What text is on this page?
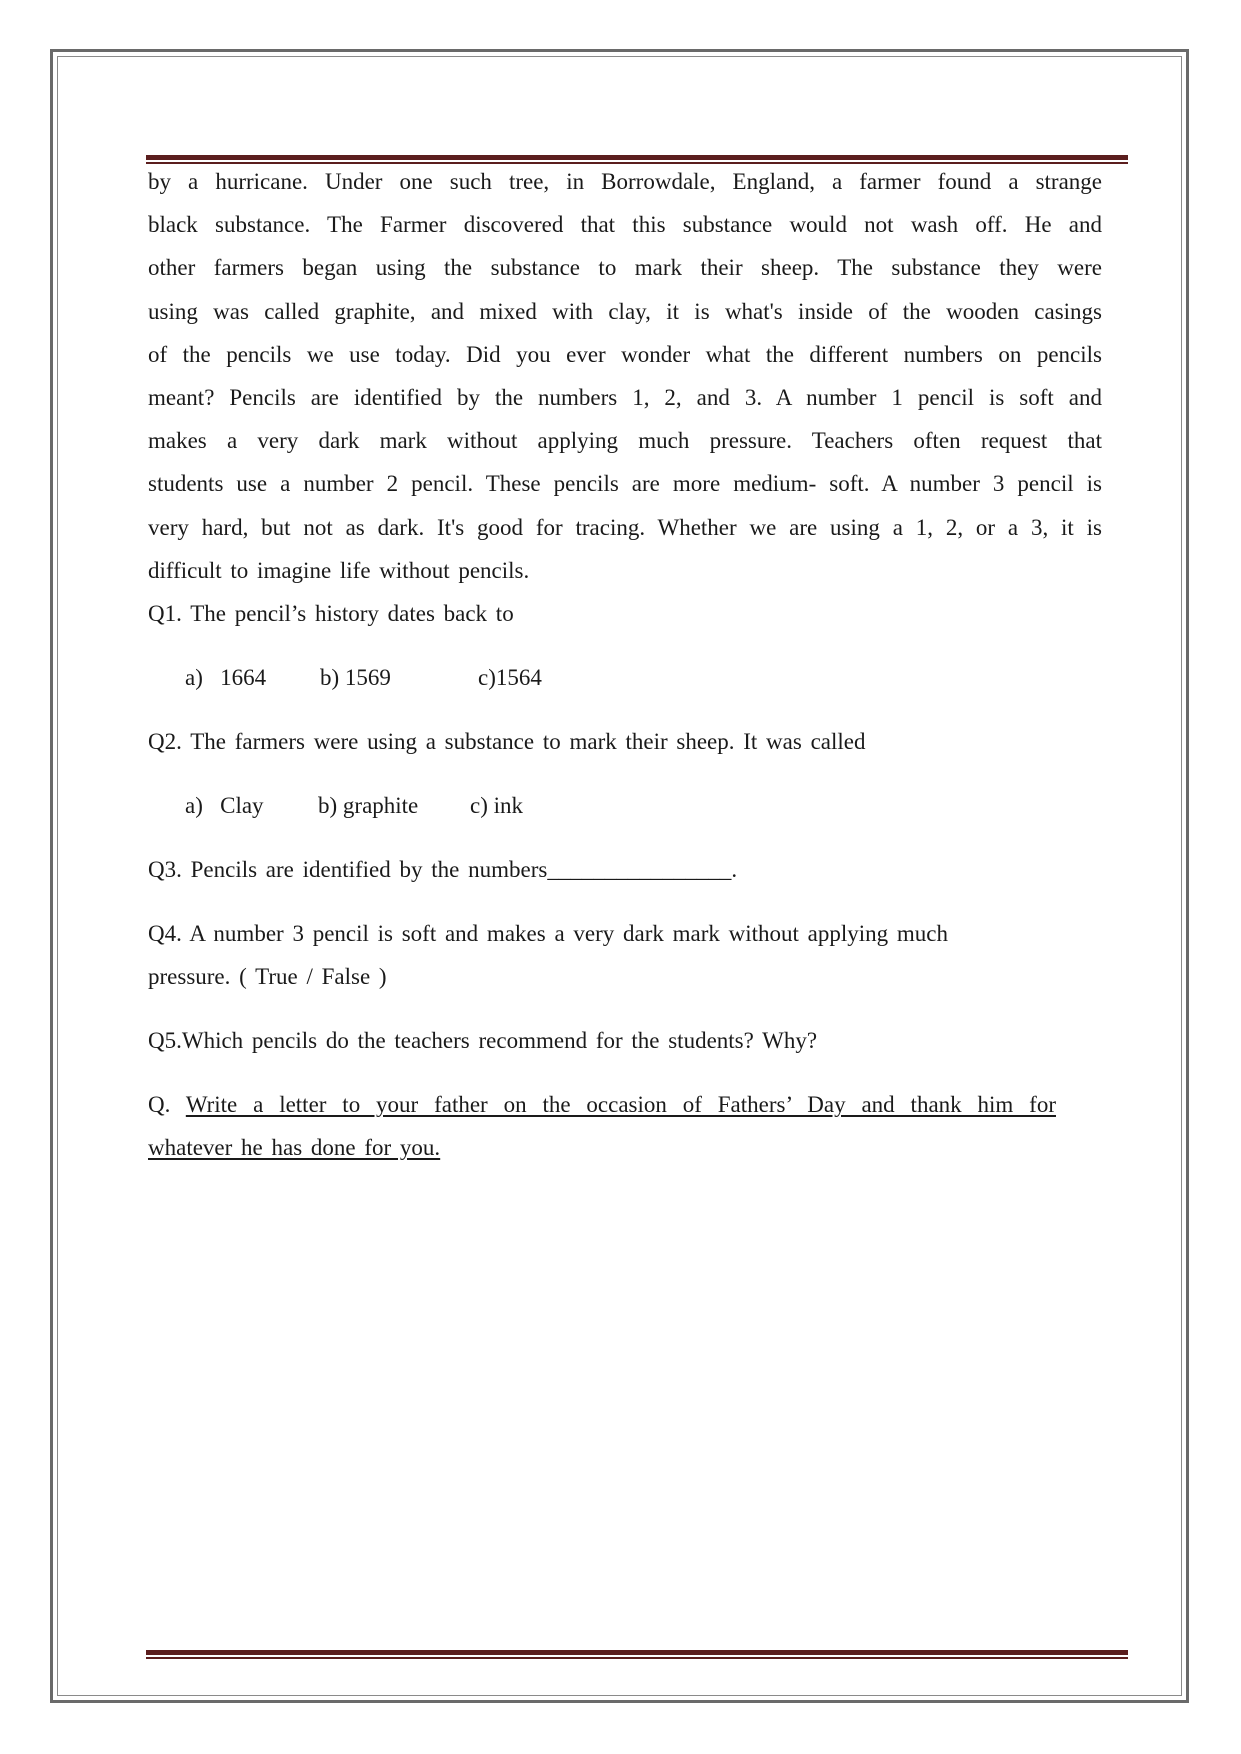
by a hurricane. Under one such tree, in Borrowdale, England, a farmer found a strange

black substance. The Farmer discovered that this substance would not wash off. He and

other farmers began using the substance to mark their sheep. The substance they were

using was called graphite, and mixed with clay, it is what's inside of the wooden casings

of the pencils we use today. Did you ever wonder what the different numbers on pencils

meant? Pencils are identified by the numbers 1, 2, and 3. A number 1 pencil is soft and

makes a very dark mark without applying much pressure. Teachers often request that

students use a number 2 pencil. These pencils are more medium- soft. A number 3 pencil is

very hard, but not as dark. It's good for tracing. Whether we are using a 1, 2, or a 3, it is

difficult to imagine life without pencils.

Q1. The pencil’s history dates back to

a)   1664	b) 1569	c)1564

Q2. The farmers were using a substance to mark their sheep. It was called

a)   Clay	b) graphite	c) ink

Q3. Pencils are identified by the numbers________________.

Q4. A number 3 pencil is soft and makes a very dark mark without applying much

pressure. ( True / False )

Q5.Which pencils do the teachers recommend for the students? Why?

Q. Write a letter to your father on the occasion of Fathers’ Day and thank him for

whatever he has done for you.
